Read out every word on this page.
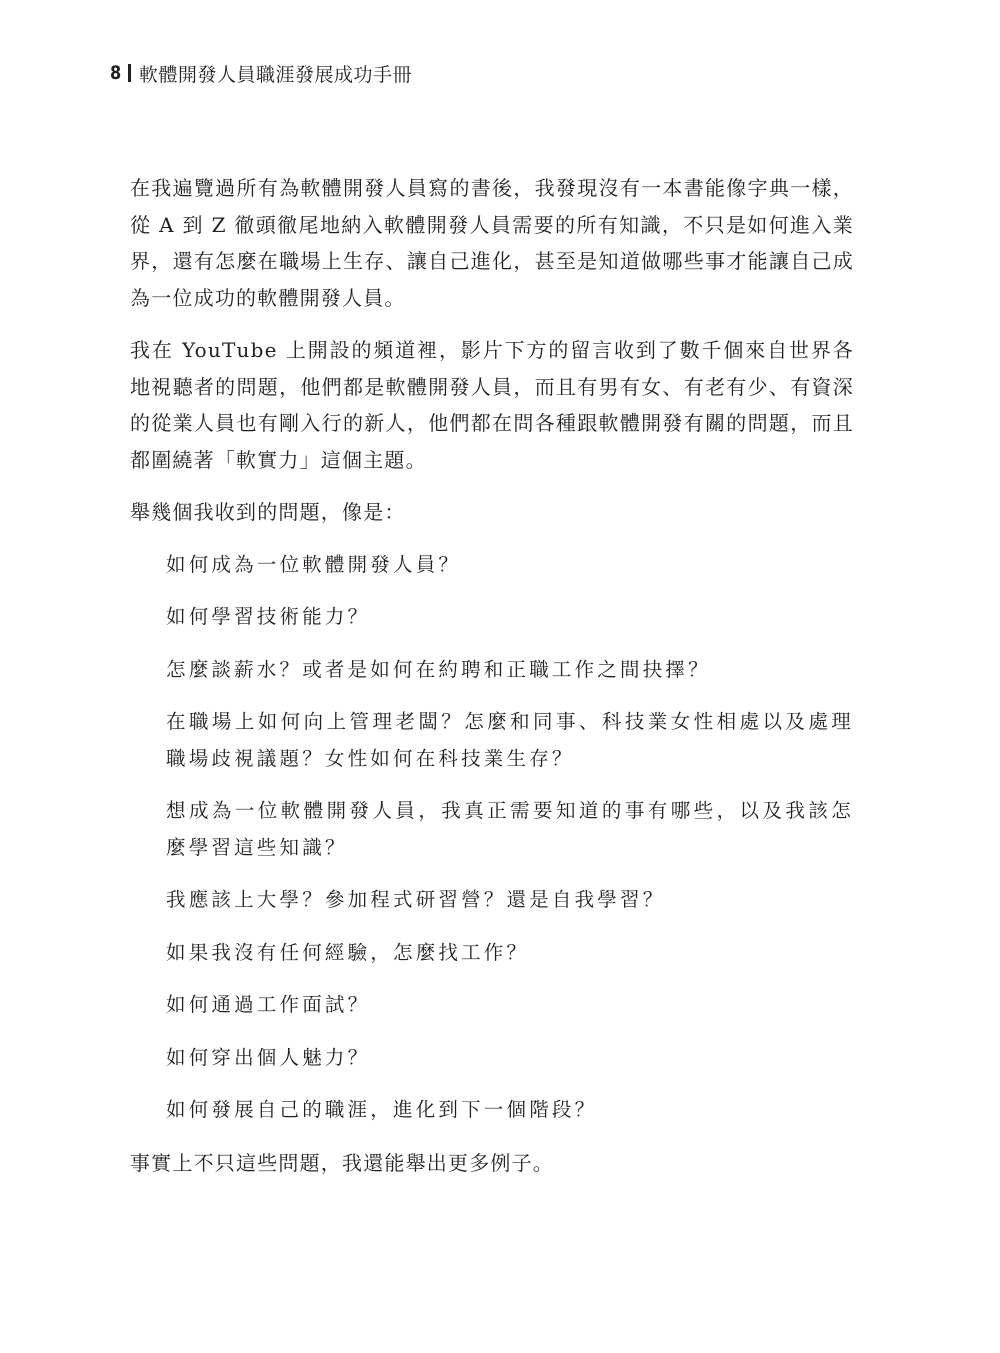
8 軟體開發人員職涯發展成功手冊

在我遍覽過所有為軟體開發人員寫的書後，我發現沒有一本書能像字典一樣，從 A 到 Z 徹頭徹尾地納入軟體開發人員需要的所有知識，不只是如何進入業界，還有怎麼在職場上生存、讓自己進化，甚至是知道做哪些事才能讓自己成為一位成功的軟體開發人員。

我在 YouTube 上開設的頻道裡，影片下方的留言收到了數千個來自世界各地視聽者的問題，他們都是軟體開發人員，而且有男有女、有老有少、有資深的從業人員也有剛入行的新人，他們都在問各種跟軟體開發有關的問題，而且都圍繞著「軟實力」這個主題。

舉幾個我收到的問題，像是：

如何成為一位軟體開發人員？
如何學習技術能力？
怎麼談薪水？或者是如何在約聘和正職工作之間抉擇？
在職場上如何向上管理老闆？怎麼和同事、科技業女性相處以及處理職場歧視議題？女性如何在科技業生存？
想成為一位軟體開發人員，我真正需要知道的事有哪些，以及我該怎麼學習這些知識？
我應該上大學？參加程式研習營？還是自我學習？
如果我沒有任何經驗，怎麼找工作？
如何通過工作面試？
如何穿出個人魅力？
如何發展自己的職涯，進化到下一個階段？

事實上不只這些問題，我還能舉出更多例子。
